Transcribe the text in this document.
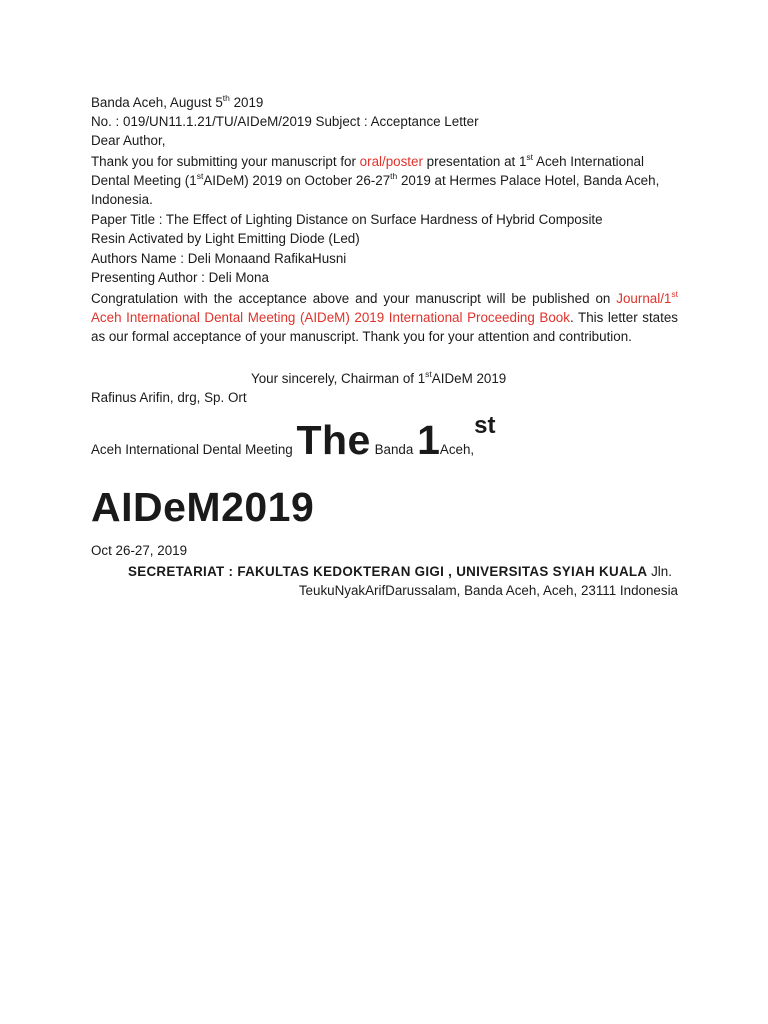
Banda Aceh, August 5th 2019
No. : 019/UN11.1.21/TU/AIDeM/2019 Subject : Acceptance Letter
Dear Author,
Thank you for submitting your manuscript for oral/poster presentation at 1st Aceh International
Dental Meeting (1stAIDeM) 2019 on October 26-27th 2019 at Hermes Palace Hotel, Banda Aceh,
Indonesia.
Paper Title : The Effect of Lighting Distance on Surface Hardness of Hybrid Composite
Resin Activated by Light Emitting Diode (Led)
Authors Name : Deli Monaand RafikaHusni
Presenting Author : Deli Mona
Congratulation with the acceptance above and your manuscript will be published on Journal/1st Aceh International Dental Meeting (AIDeM) 2019 International Proceeding Book. This letter states as our formal acceptance of your manuscript. Thank you for your attention and contribution.
Your sincerely, Chairman of 1stAIDeM 2019
Rafinus Arifin, drg, Sp. Ort
Aceh International Dental Meeting The Banda 1Aceh,st
AIDeM2019
Oct 26-27, 2019
SECRETARIAT : FAKULTAS KEDOKTERAN GIGI , UNIVERSITAS SYIAH KUALA Jln.
TeukuNyakArifDarussalam, Banda Aceh, Aceh, 23111 Indonesia
